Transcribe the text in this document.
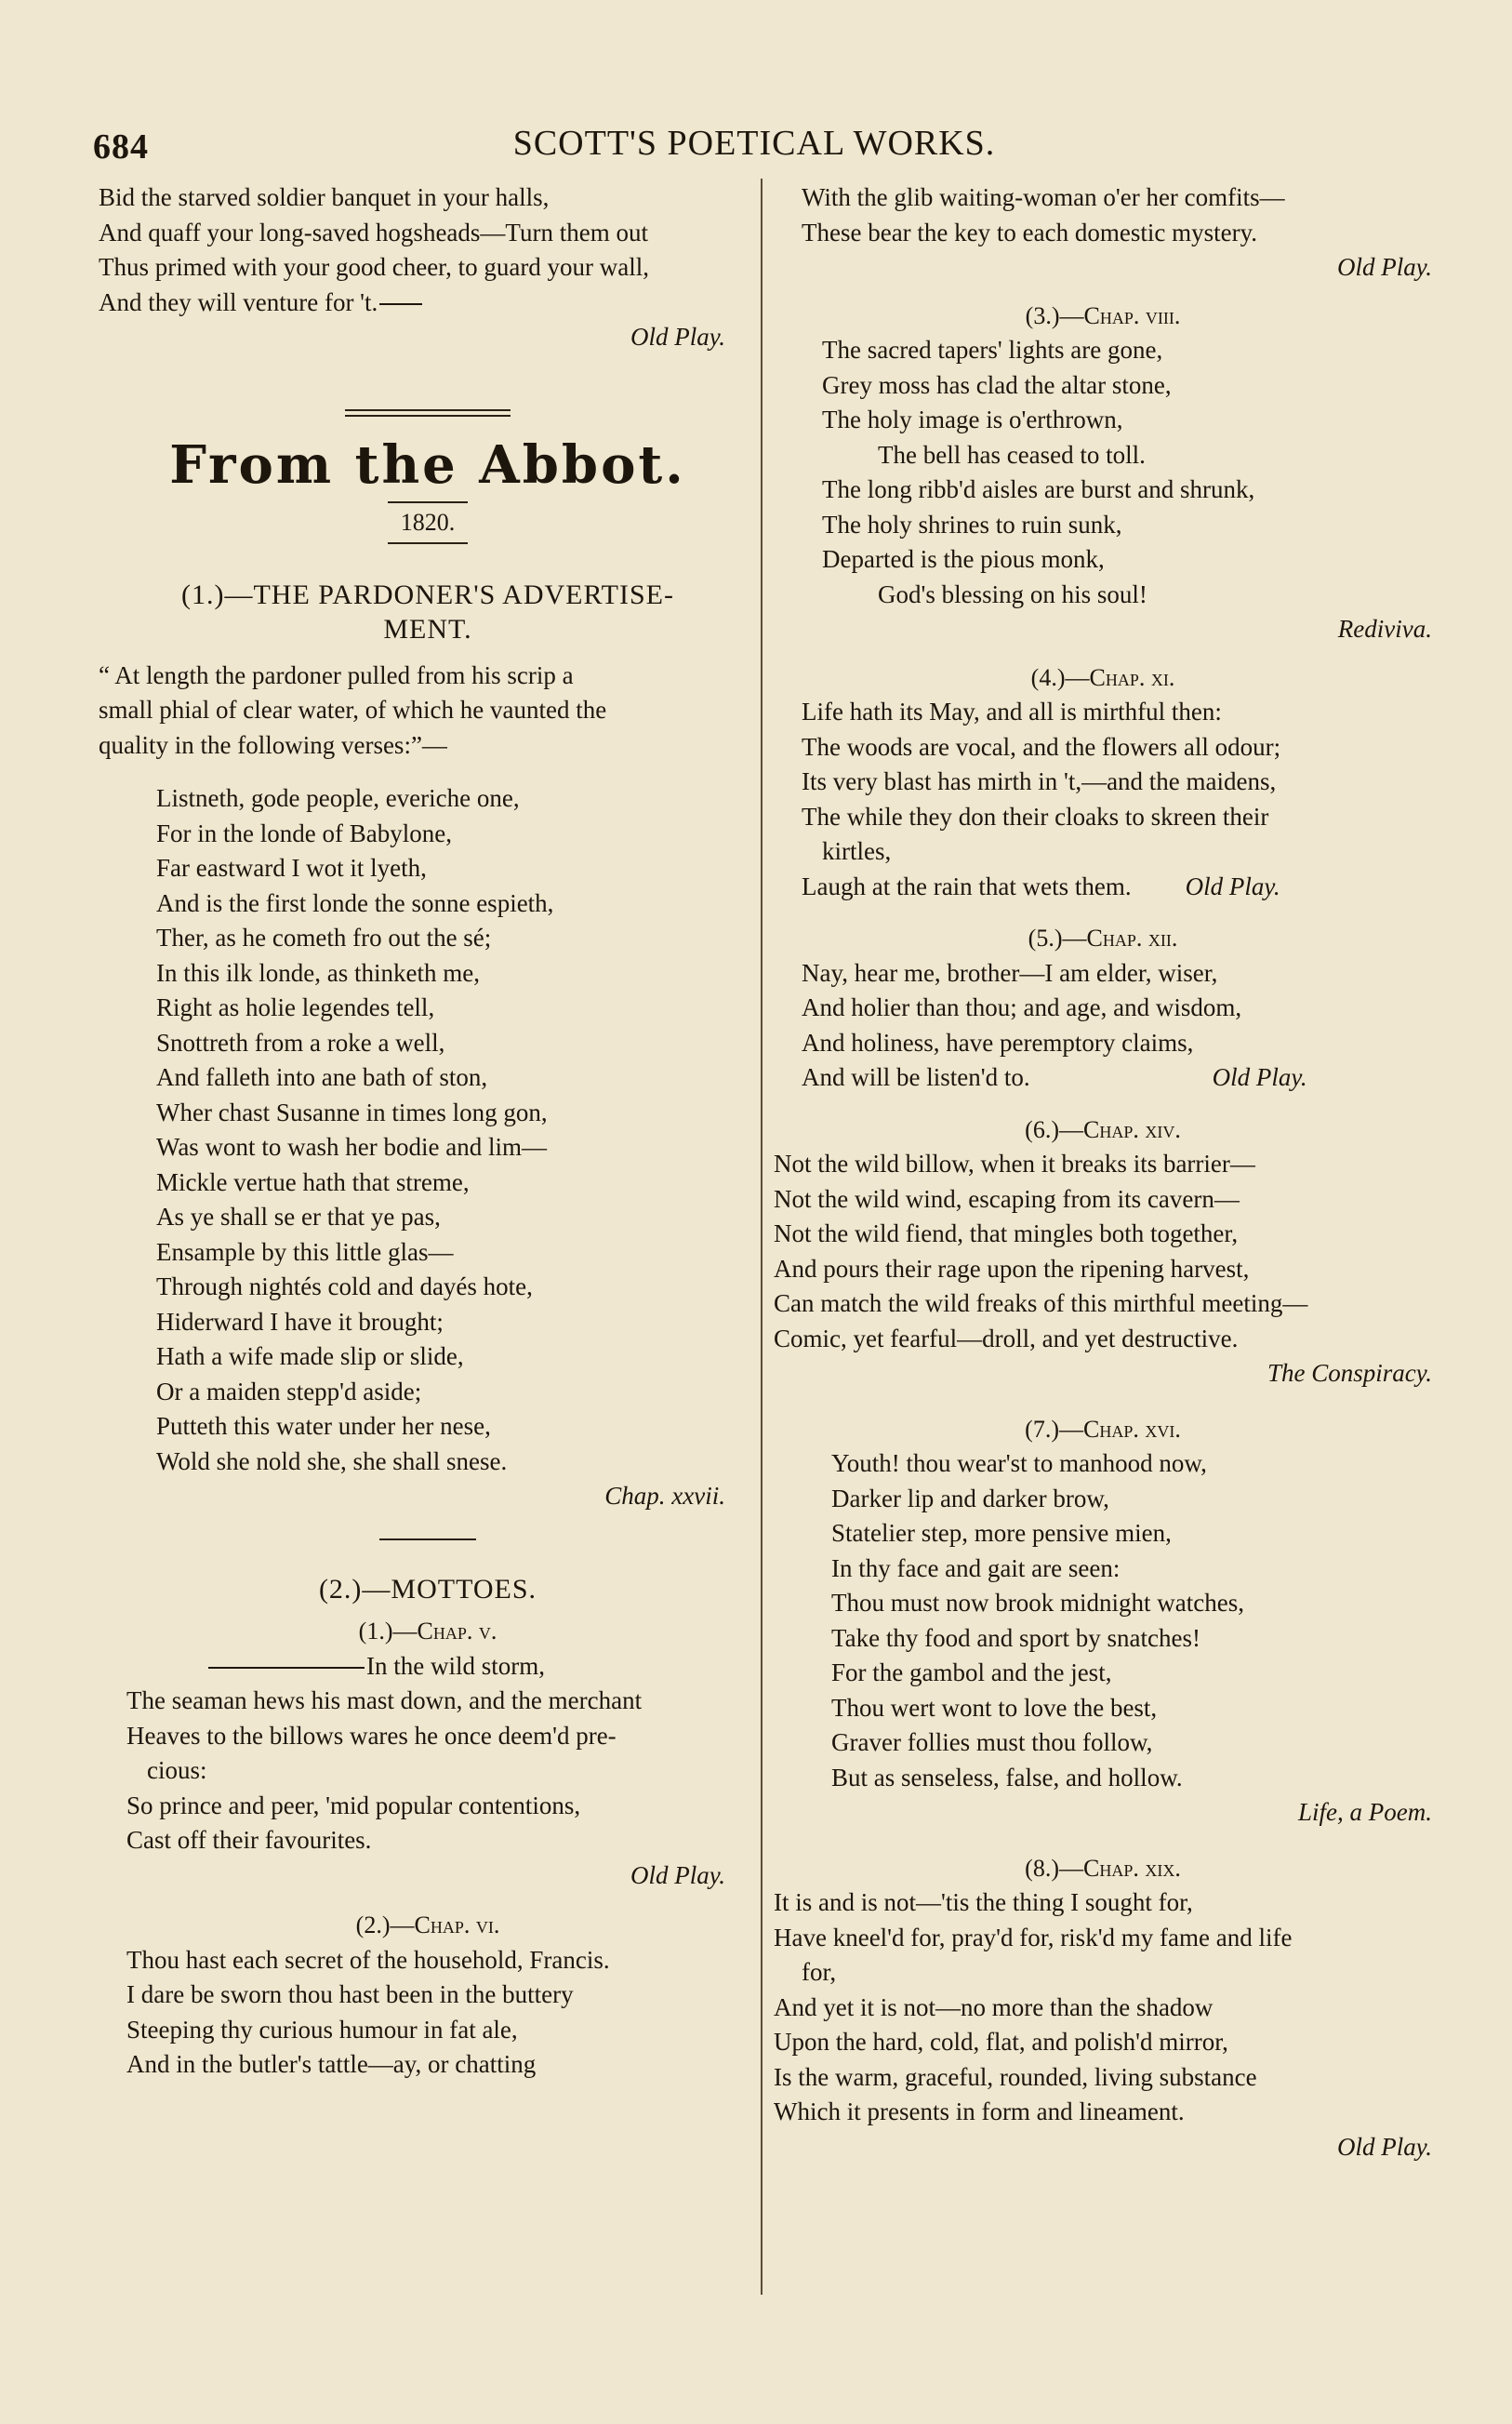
684	SCOTT'S POETICAL WORKS.
Bid the starved soldier banquet in your halls,
And quaff your long-saved hogsheads—Turn them out
Thus primed with your good cheer, to guard your wall,
And they will venture for 't.
Old Play.
From the Abbot.
1820.
(1.)—THE PARDONER'S ADVERTISE-
MENT.
“ At length the pardoner pulled from his scrip a
small phial of clear water, of which he vaunted the
quality in the following verses:”—
Listneth, gode people, everiche one,
For in the londe of Babylone,
Far eastward I wot it lyeth,
And is the first londe the sonne espieth,
Ther, as he cometh fro out the sé;
In this ilk londe, as thinketh me,
Right as holie legendes tell,
Snottreth from a roke a well,
And falleth into ane bath of ston,
Wher chast Susanne in times long gon,
Was wont to wash her bodie and lim—
Mickle vertue hath that streme,
As ye shall se er that ye pas,
Ensample by this little glas—
Through nightés cold and dayés hote,
Hiderward I have it brought;
Hath a wife made slip or slide,
Or a maiden stepp'd aside;
Putteth this water under her nese,
Wold she nold she, she shall snese.
Chap. xxvii.
(2.)—MOTTOES.
(1.)—Chap. v.
In the wild storm,
The seaman hews his mast down, and the merchant
Heaves to the billows wares he once deem'd pre-
cious:
So prince and peer, 'mid popular contentions,
Cast off their favourites.
Old Play.
(2.)—Chap. vi.
Thou hast each secret of the household, Francis.
I dare be sworn thou hast been in the buttery
Steeping thy curious humour in fat ale,
And in the butler's tattle—ay, or chatting
With the glib waiting-woman o'er her comfits—
These bear the key to each domestic mystery.
Old Play.
(3.)—Chap. viii.
The sacred tapers' lights are gone,
Grey moss has clad the altar stone,
The holy image is o'erthrown,
The bell has ceased to toll.
The long ribb'd aisles are burst and shrunk,
The holy shrines to ruin sunk,
Departed is the pious monk,
God's blessing on his soul!
Rediviva.
(4.)—Chap. xi.
Life hath its May, and all is mirthful then:
The woods are vocal, and the flowers all odour;
Its very blast has mirth in 't,—and the maidens,
The while they don their cloaks to skreen their
kirtles,
Laugh at the rain that wets them. Old Play.
(5.)—Chap. xii.
Nay, hear me, brother—I am elder, wiser,
And holier than thou; and age, and wisdom,
And holiness, have peremptory claims,
And will be listen'd to.	Old Play.
(6.)—Chap. xiv.
Not the wild billow, when it breaks its barrier—
Not the wild wind, escaping from its cavern—
Not the wild fiend, that mingles both together,
And pours their rage upon the ripening harvest,
Can match the wild freaks of this mirthful meeting—
Comic, yet fearful—droll, and yet destructive.
The Conspiracy.
(7.)—Chap. xvi.
Youth! thou wear'st to manhood now,
Darker lip and darker brow,
Statelier step, more pensive mien,
In thy face and gait are seen:
Thou must now brook midnight watches,
Take thy food and sport by snatches!
For the gambol and the jest,
Thou wert wont to love the best,
Graver follies must thou follow,
But as senseless, false, and hollow.
Life, a Poem.
(8.)—Chap. xix.
It is and is not—'tis the thing I sought for,
Have kneel'd for, pray'd for, risk'd my fame and life
for,
And yet it is not—no more than the shadow
Upon the hard, cold, flat, and polish'd mirror,
Is the warm, graceful, rounded, living substance
Which it presents in form and lineament.
Old Play.
